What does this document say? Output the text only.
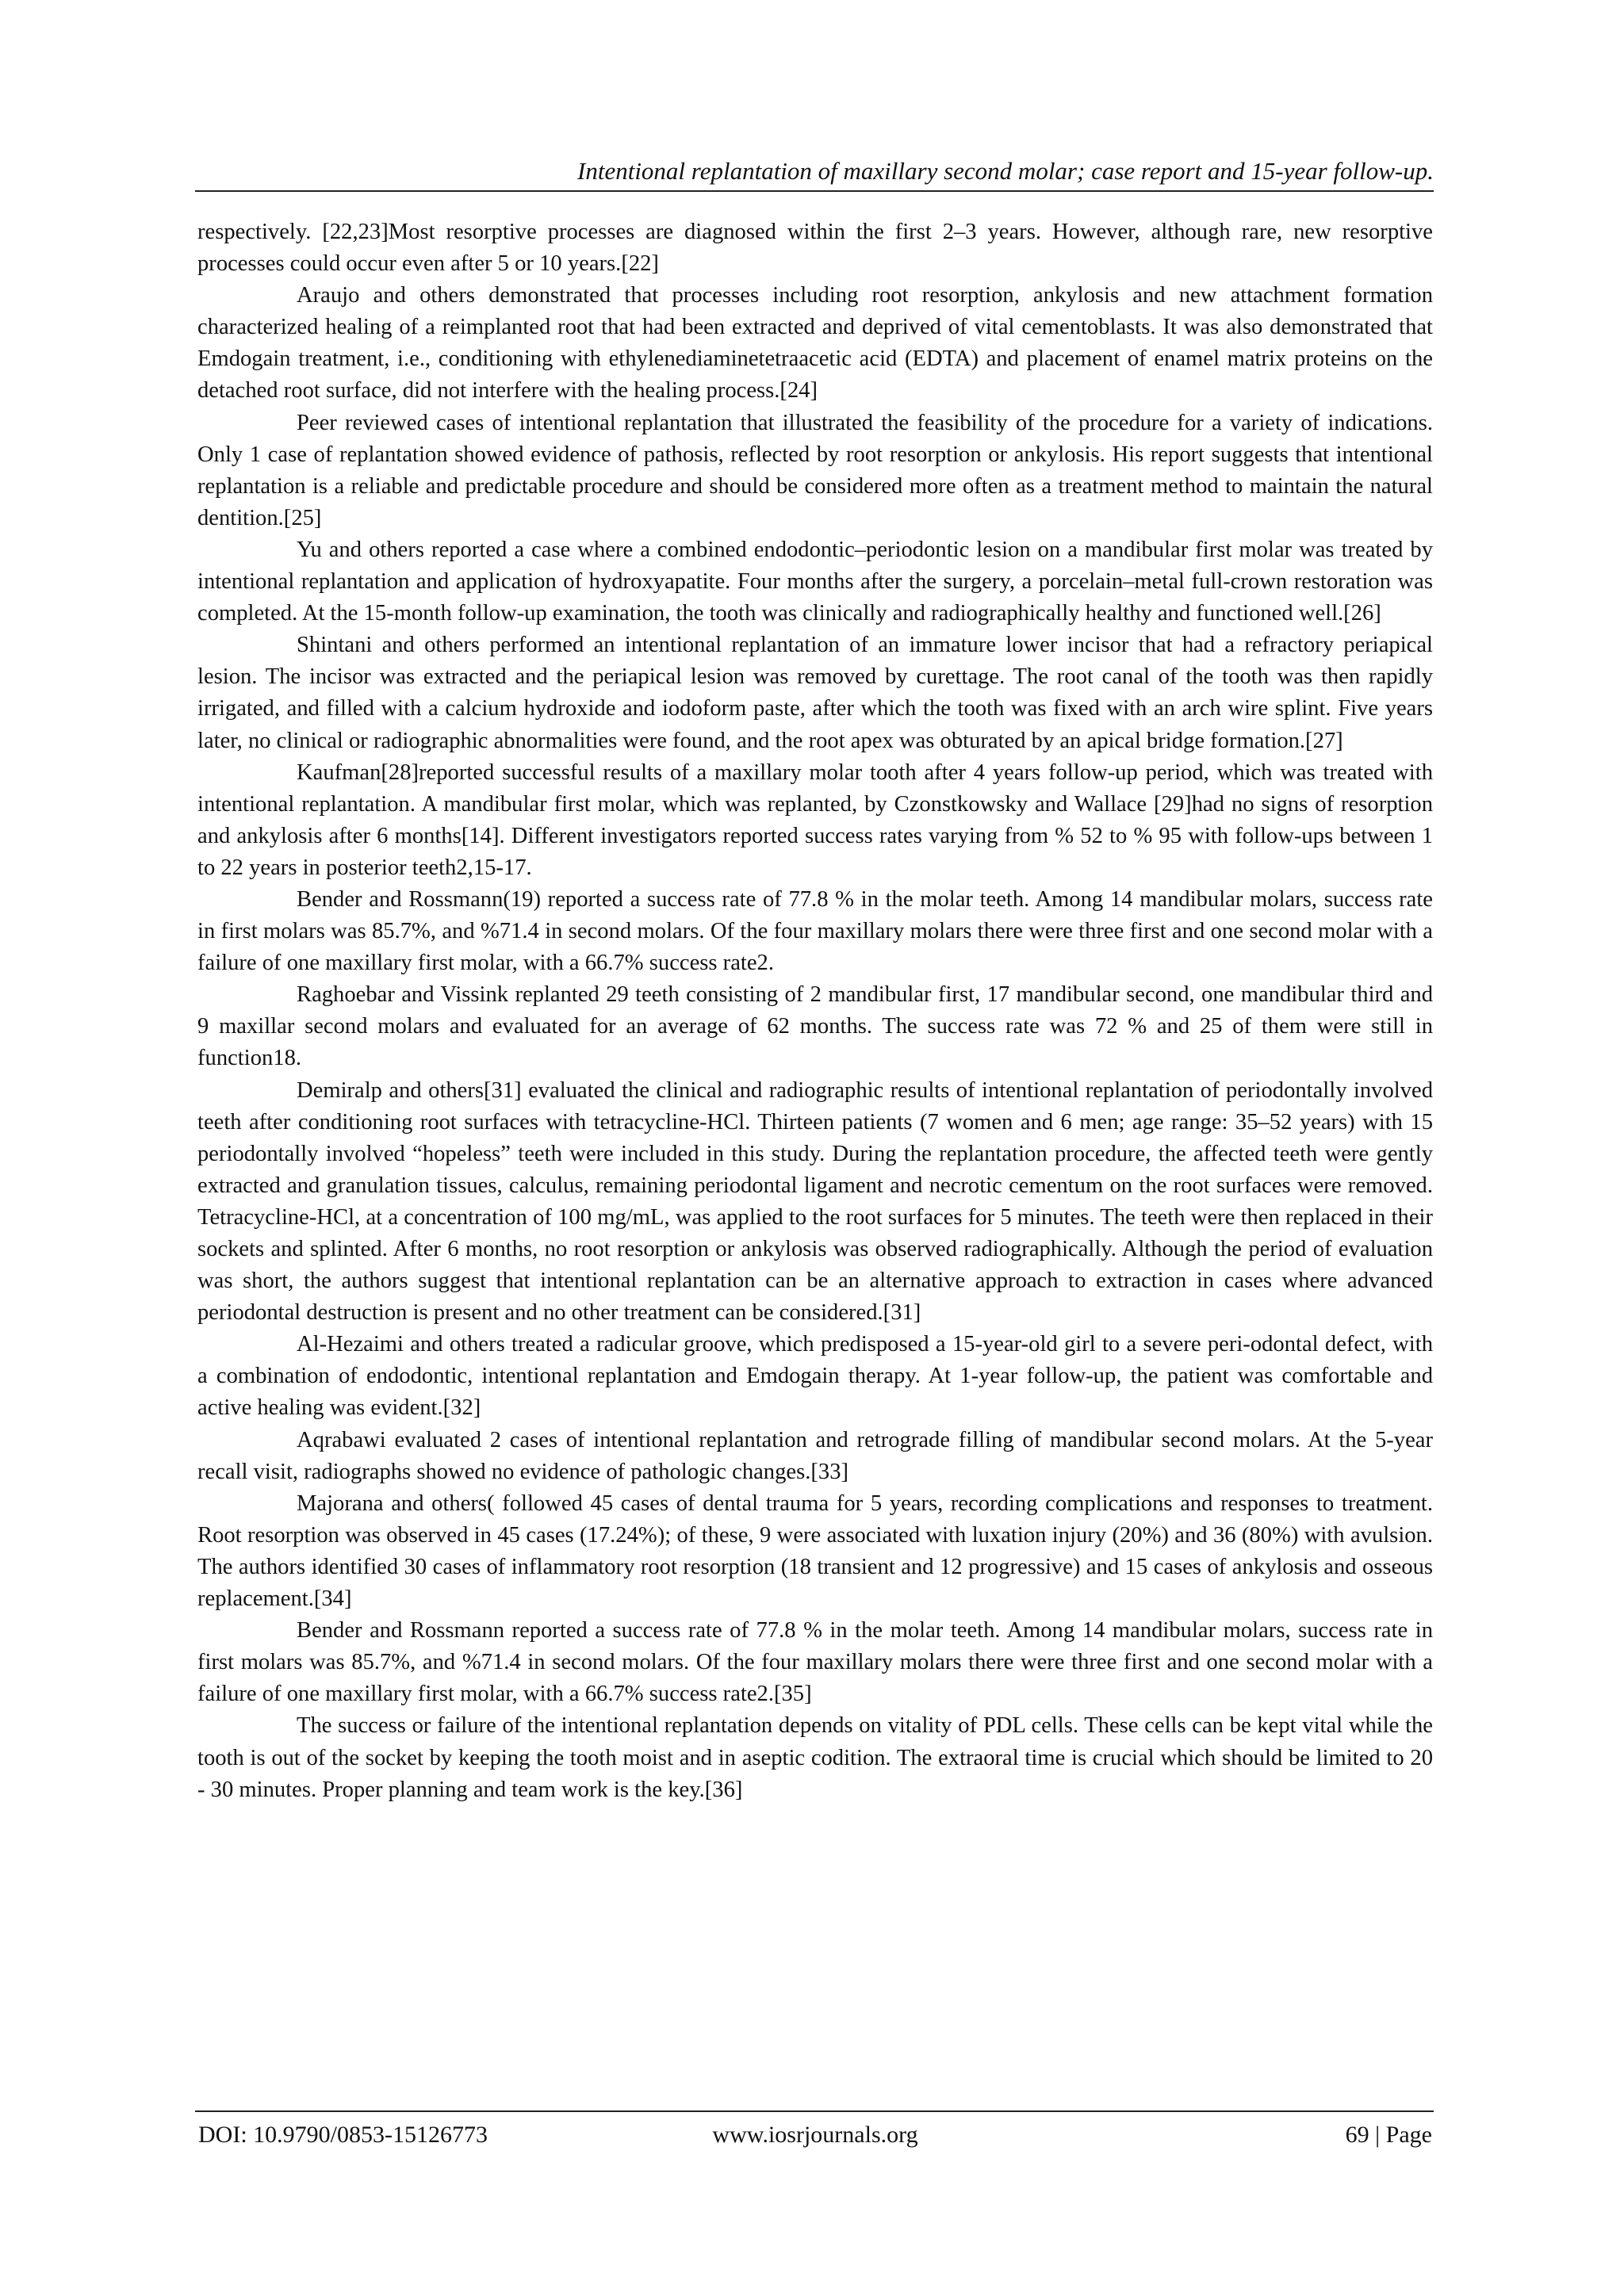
Intentional replantation of maxillary second molar; case report and 15-year follow-up.

respectively. [22,23]Most resorptive processes are diagnosed within the first 2–3 years. However, although rare, new resorptive processes could occur even after 5 or 10 years.[22]

Araujo and others demonstrated that processes including root resorption, ankylosis and new attachment formation characterized healing of a reimplanted root that had been extracted and deprived of vital cementoblasts. It was also demonstrated that Emdogain treatment, i.e., conditioning with ethylenediaminetetraacetic acid (EDTA) and placement of enamel matrix proteins on the detached root surface, did not interfere with the healing process.[24]

Peer reviewed cases of intentional replantation that illustrated the feasibility of the procedure for a variety of indications. Only 1 case of replantation showed evidence of pathosis, reflected by root resorption or ankylosis. His report suggests that intentional replantation is a reliable and predictable procedure and should be considered more often as a treatment method to maintain the natural dentition.[25]

Yu and others reported a case where a combined endodontic–periodontic lesion on a mandibular first molar was treated by intentional replantation and application of hydroxyapatite. Four months after the surgery, a porcelain–metal full-crown restoration was completed. At the 15-month follow-up examination, the tooth was clinically and radiographically healthy and functioned well.[26]

Shintani and others performed an intentional replantation of an immature lower incisor that had a refractory periapical lesion. The incisor was extracted and the periapical lesion was removed by curettage. The root canal of the tooth was then rapidly irrigated, and filled with a calcium hydroxide and iodoform paste, after which the tooth was fixed with an arch wire splint. Five years later, no clinical or radiographic abnormalities were found, and the root apex was obturated by an apical bridge formation.[27]

Kaufman[28]reported successful results of a maxillary molar tooth after 4 years follow-up period, which was treated with intentional replantation. A mandibular first molar, which was replanted, by Czonstkowsky and Wallace [29]had no signs of resorption and ankylosis after 6 months[14]. Different investigators reported success rates varying from % 52 to % 95 with follow-ups between 1 to 22 years in posterior teeth2,15-17.

Bender and Rossmann(19) reported a success rate of 77.8 % in the molar teeth. Among 14 mandibular molars, success rate in first molars was 85.7%, and %71.4 in second molars. Of the four maxillary molars there were three first and one second molar with a failure of one maxillary first molar, with a 66.7% success rate2.

Raghoebar and Vissink replanted 29 teeth consisting of 2 mandibular first, 17 mandibular second, one mandibular third and 9 maxillar second molars and evaluated for an average of 62 months. The success rate was 72 % and 25 of them were still in function18.

Demiralp and others[31] evaluated the clinical and radiographic results of intentional replantation of periodontally involved teeth after conditioning root surfaces with tetracycline-HCl. Thirteen patients (7 women and 6 men; age range: 35–52 years) with 15 periodontally involved “hopeless” teeth were included in this study. During the replantation procedure, the affected teeth were gently extracted and granulation tissues, calculus, remaining periodontal ligament and necrotic cementum on the root surfaces were removed. Tetracycline-HCl, at a concentration of 100 mg/mL, was applied to the root surfaces for 5 minutes. The teeth were then replaced in their sockets and splinted. After 6 months, no root resorption or ankylosis was observed radiographically. Although the period of evaluation was short, the authors suggest that intentional replantation can be an alternative approach to extraction in cases where advanced periodontal destruction is present and no other treatment can be considered.[31]

Al-Hezaimi and others treated a radicular groove, which predisposed a 15-year-old girl to a severe peri-odontal defect, with a combination of endodontic, intentional replantation and Emdogain therapy. At 1-year follow-up, the patient was comfortable and active healing was evident.[32]

Aqrabawi evaluated 2 cases of intentional replantation and retrograde filling of mandibular second molars. At the 5-year recall visit, radiographs showed no evidence of pathologic changes.[33]

Majorana and others( followed 45 cases of dental trauma for 5 years, recording complications and responses to treatment. Root resorption was observed in 45 cases (17.24%); of these, 9 were associated with luxation injury (20%) and 36 (80%) with avulsion. The authors identified 30 cases of inflammatory root resorption (18 transient and 12 progressive) and 15 cases of ankylosis and osseous replacement.[34]

Bender and Rossmann reported a success rate of 77.8 % in the molar teeth. Among 14 mandibular molars, success rate in first molars was 85.7%, and %71.4 in second molars. Of the four maxillary molars there were three first and one second molar with a failure of one maxillary first molar, with a 66.7% success rate2.[35]

The success or failure of the intentional replantation depends on vitality of PDL cells. These cells can be kept vital while the tooth is out of the socket by keeping the tooth moist and in aseptic codition. The extraoral time is crucial which should be limited to 20 - 30 minutes. Proper planning and team work is the key.[36]

DOI: 10.9790/0853-15126773	www.iosrjournals.org	69 | Page
